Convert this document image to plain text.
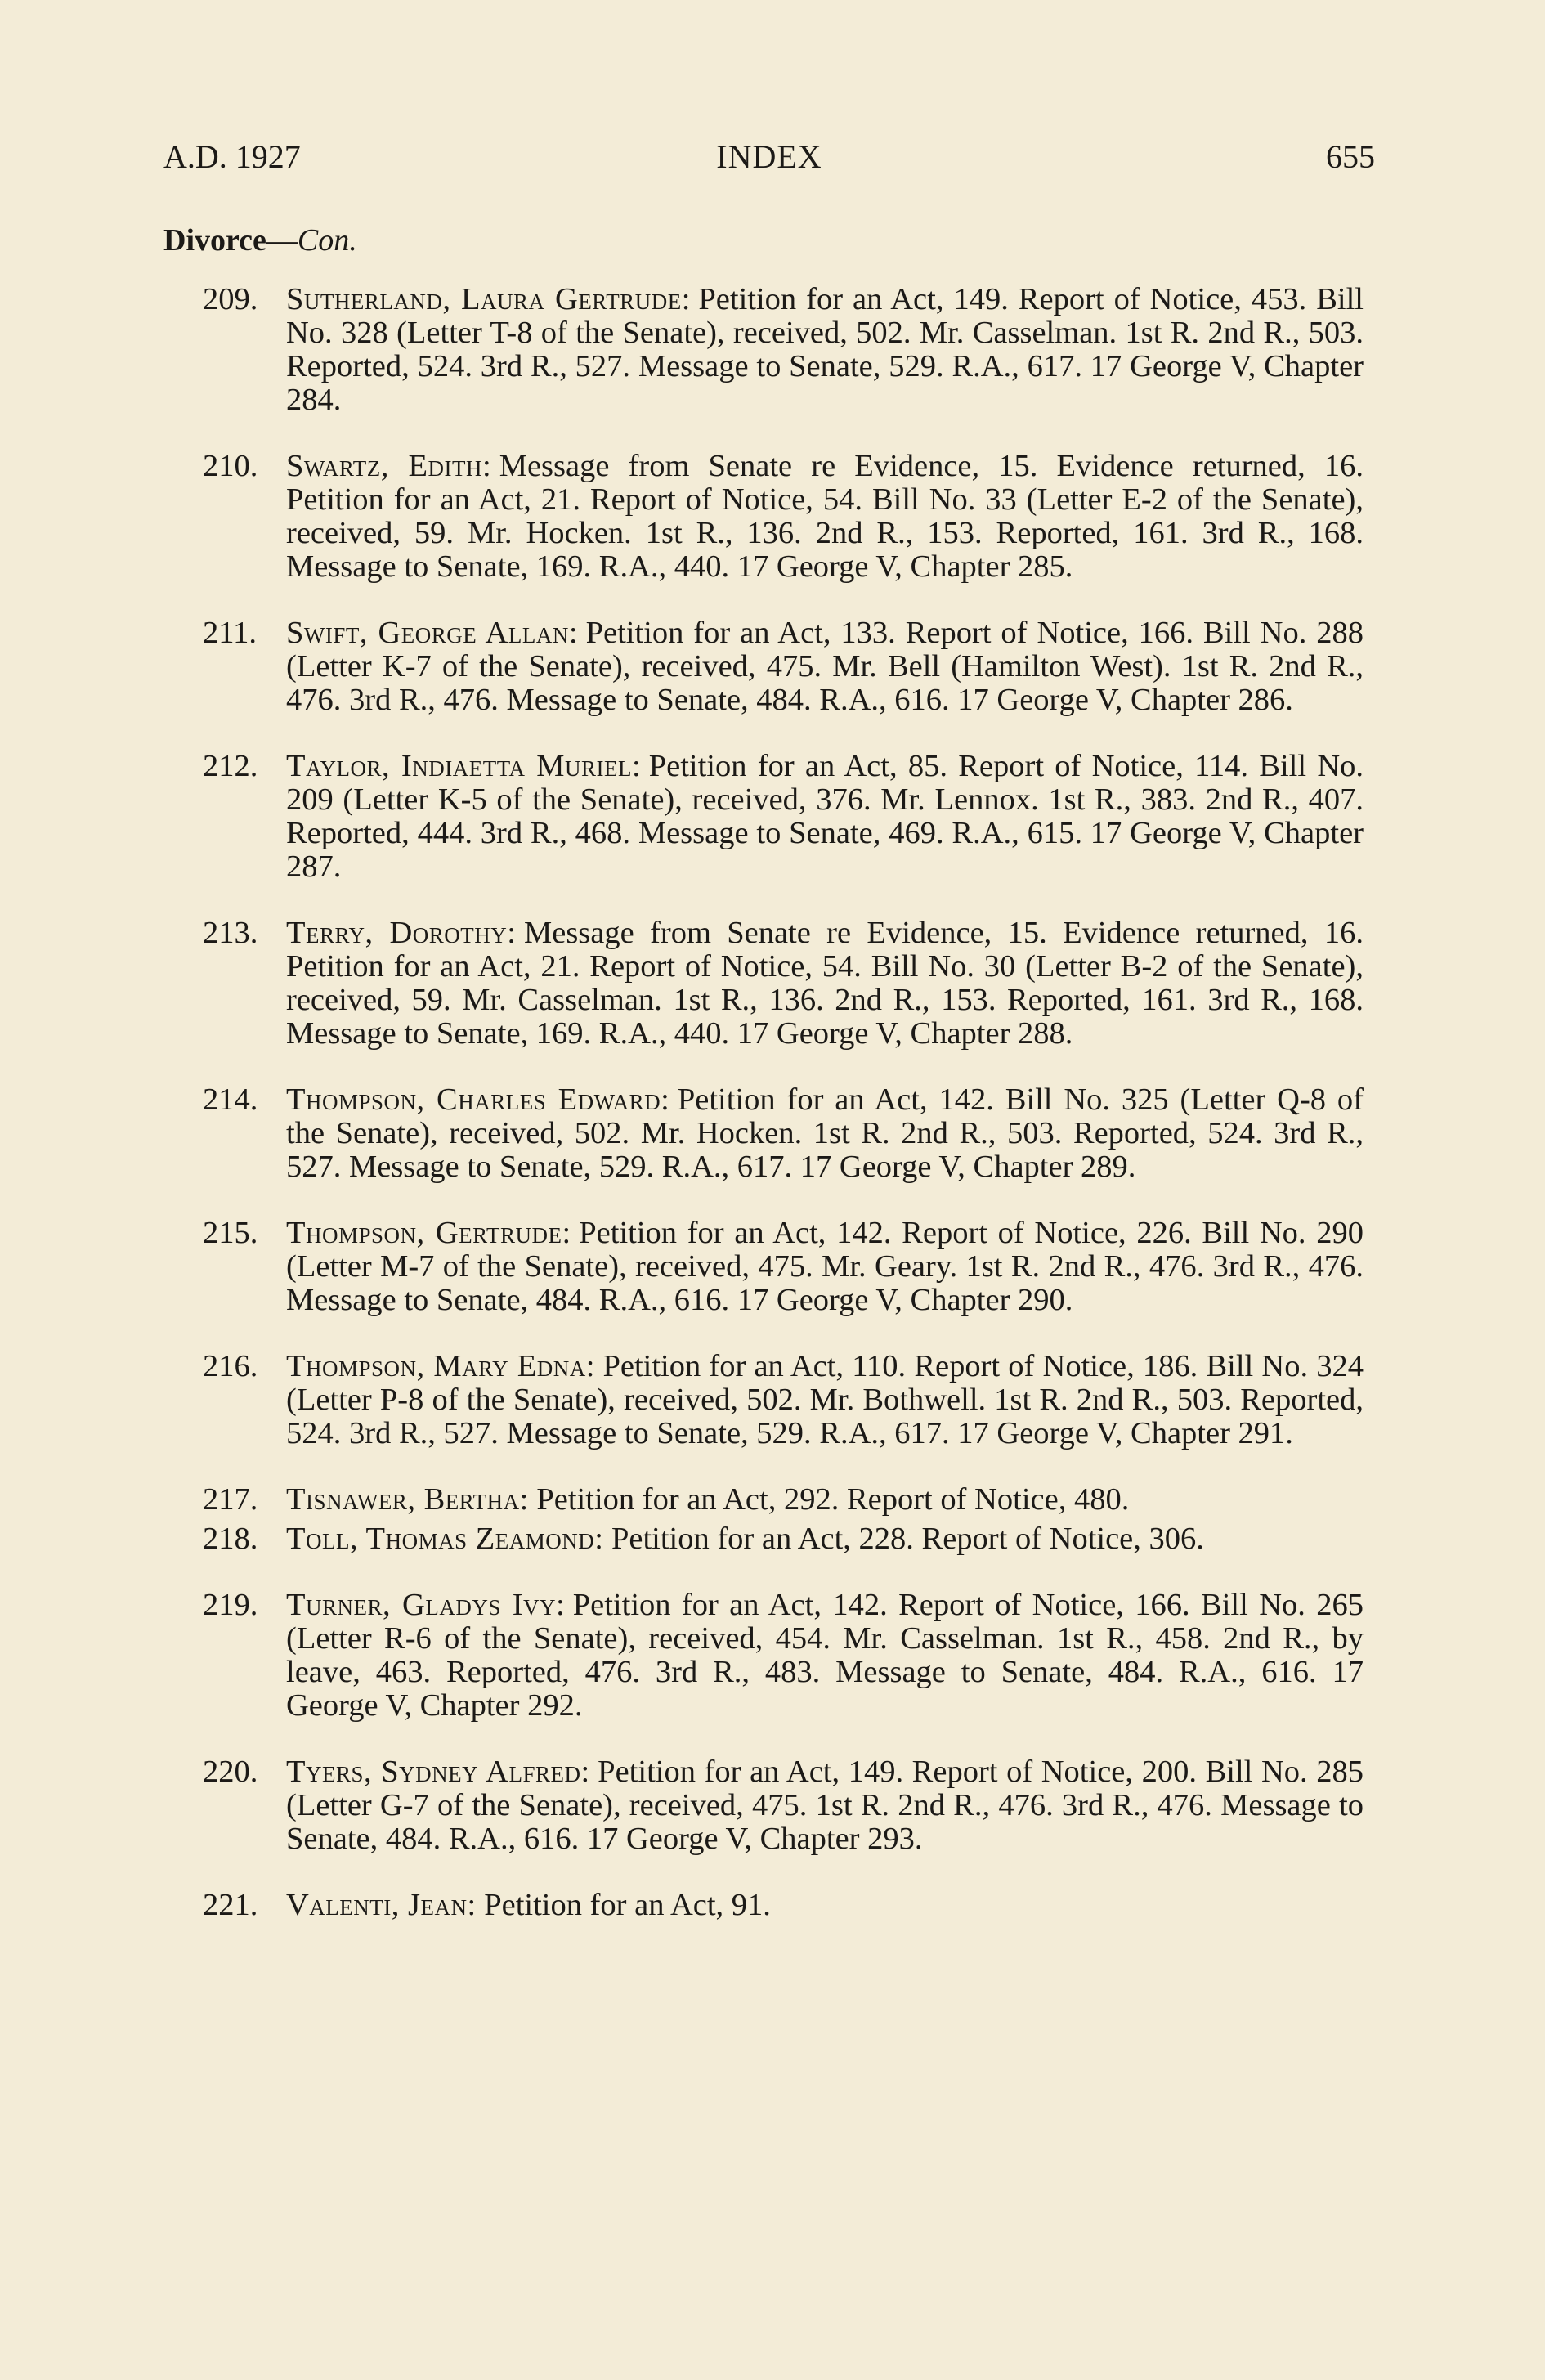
INDEX
A.D. 1927	655
Divorce—Con.
209. Sutherland, Laura Gertrude: Petition for an Act, 149. Report of Notice, 453. Bill No. 328 (Letter T-8 of the Senate), received, 502. Mr. Casselman. 1st R. 2nd R., 503. Reported, 524. 3rd R., 527. Message to Senate, 529. R.A., 617. 17 George V, Chapter 284.
210. Swartz, Edith: Message from Senate re Evidence, 15. Evidence returned, 16. Petition for an Act, 21. Report of Notice, 54. Bill No. 33 (Letter E-2 of the Senate), received, 59. Mr. Hocken. 1st R., 136. 2nd R., 153. Reported, 161. 3rd R., 168. Message to Senate, 169. R.A., 440. 17 George V, Chapter 285.
211. Swift, George Allan: Petition for an Act, 133. Report of Notice, 166. Bill No. 288 (Letter K-7 of the Senate), received, 475. Mr. Bell (Hamilton West). 1st R. 2nd R., 476. 3rd R., 476. Message to Senate, 484. R.A., 616. 17 George V, Chapter 286.
212. Taylor, Indiaetta Muriel: Petition for an Act, 85. Report of Notice, 114. Bill No. 209 (Letter K-5 of the Senate), received, 376. Mr. Lennox. 1st R., 383. 2nd R., 407. Reported, 444. 3rd R., 468. Message to Senate, 469. R.A., 615. 17 George V, Chapter 287.
213. Terry, Dorothy: Message from Senate re Evidence, 15. Evidence returned, 16. Petition for an Act, 21. Report of Notice, 54. Bill No. 30 (Letter B-2 of the Senate), received, 59. Mr. Casselman. 1st R., 136. 2nd R., 153. Reported, 161. 3rd R., 168. Message to Senate, 169. R.A., 440. 17 George V, Chapter 288.
214. Thompson, Charles Edward: Petition for an Act, 142. Bill No. 325 (Letter Q-8 of the Senate), received, 502. Mr. Hocken. 1st R. 2nd R., 503. Reported, 524. 3rd R., 527. Message to Senate, 529. R.A., 617. 17 George V, Chapter 289.
215. Thompson, Gertrude: Petition for an Act, 142. Report of Notice, 226. Bill No. 290 (Letter M-7 of the Senate), received, 475. Mr. Geary. 1st R. 2nd R., 476. 3rd R., 476. Message to Senate, 484. R.A., 616. 17 George V, Chapter 290.
216. Thompson, Mary Edna: Petition for an Act, 110. Report of Notice, 186. Bill No. 324 (Letter P-8 of the Senate), received, 502. Mr. Bothwell. 1st R. 2nd R., 503. Reported, 524. 3rd R., 527. Message to Senate, 529. R.A., 617. 17 George V, Chapter 291.
217. Tisnawer, Bertha: Petition for an Act, 292. Report of Notice, 480.
218. Toll, Thomas Zeamond: Petition for an Act, 228. Report of Notice, 306.
219. Turner, Gladys Ivy: Petition for an Act, 142. Report of Notice, 166. Bill No. 265 (Letter R-6 of the Senate), received, 454. Mr. Casselman. 1st R., 458. 2nd R., by leave, 463. Reported, 476. 3rd R., 483. Message to Senate, 484. R.A., 616. 17 George V, Chapter 292.
220. Tyers, Sydney Alfred: Petition for an Act, 149. Report of Notice, 200. Bill No. 285 (Letter G-7 of the Senate), received, 475. 1st R. 2nd R., 476. 3rd R., 476. Message to Senate, 484. R.A., 616. 17 George V, Chapter 293.
221. Valenti, Jean: Petition for an Act, 91.
